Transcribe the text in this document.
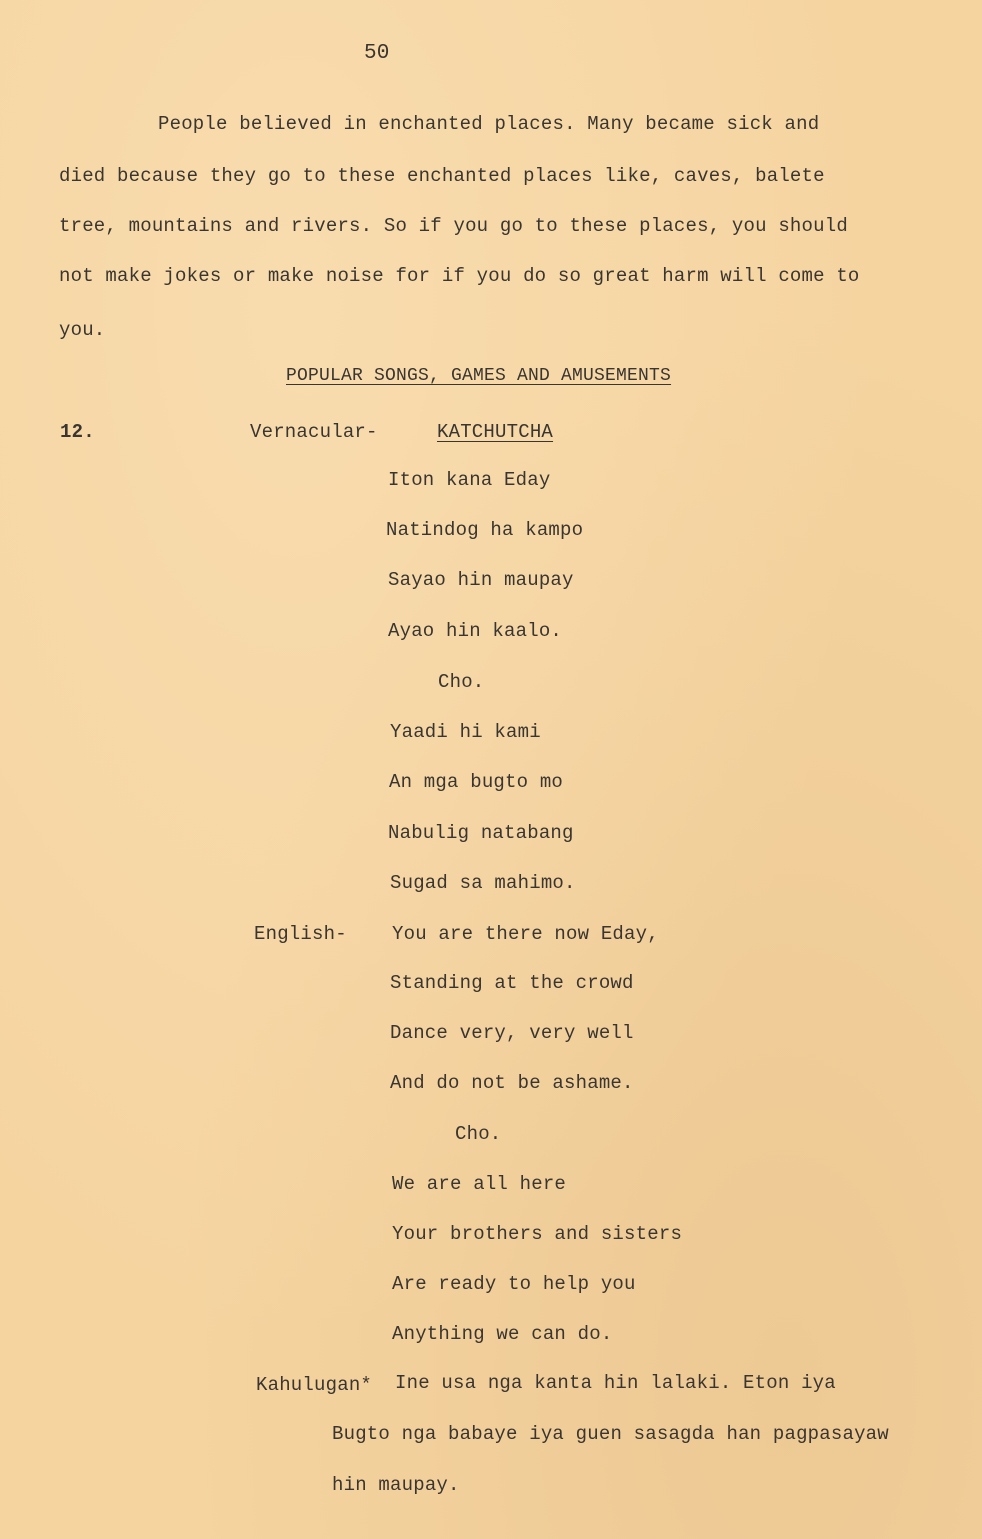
50
People believed in enchanted places. Many became sick and
died because they go to these enchanted places like, caves, balete
tree, mountains and rivers. So if you go to these places, you should
not make jokes or make noise for if you do so great harm will come to
you.
POPULAR SONGS, GAMES AND AMUSEMENTS
12.	Vernacular-	KATCHUTCHA
Iton kana Eday
Natindog ha kampo
Sayao hin maupay
Ayao hin kaalo.
Cho.
Yaadi hi kami
An mga bugto mo
Nabulig natabang
Sugad sa mahimo.
English- You are there now Eday,
Standing at the crowd
Dance very, very well
And do not be ashame.
Cho.
We are all here
Your brothers and sisters
Are ready to help you
Anything we can do.
Kahulugan* Ine usa nga kanta hin lalaki. Eton iya
Bugto nga babaye iya guen sasagda han pagpasayaw
hin maupay.
